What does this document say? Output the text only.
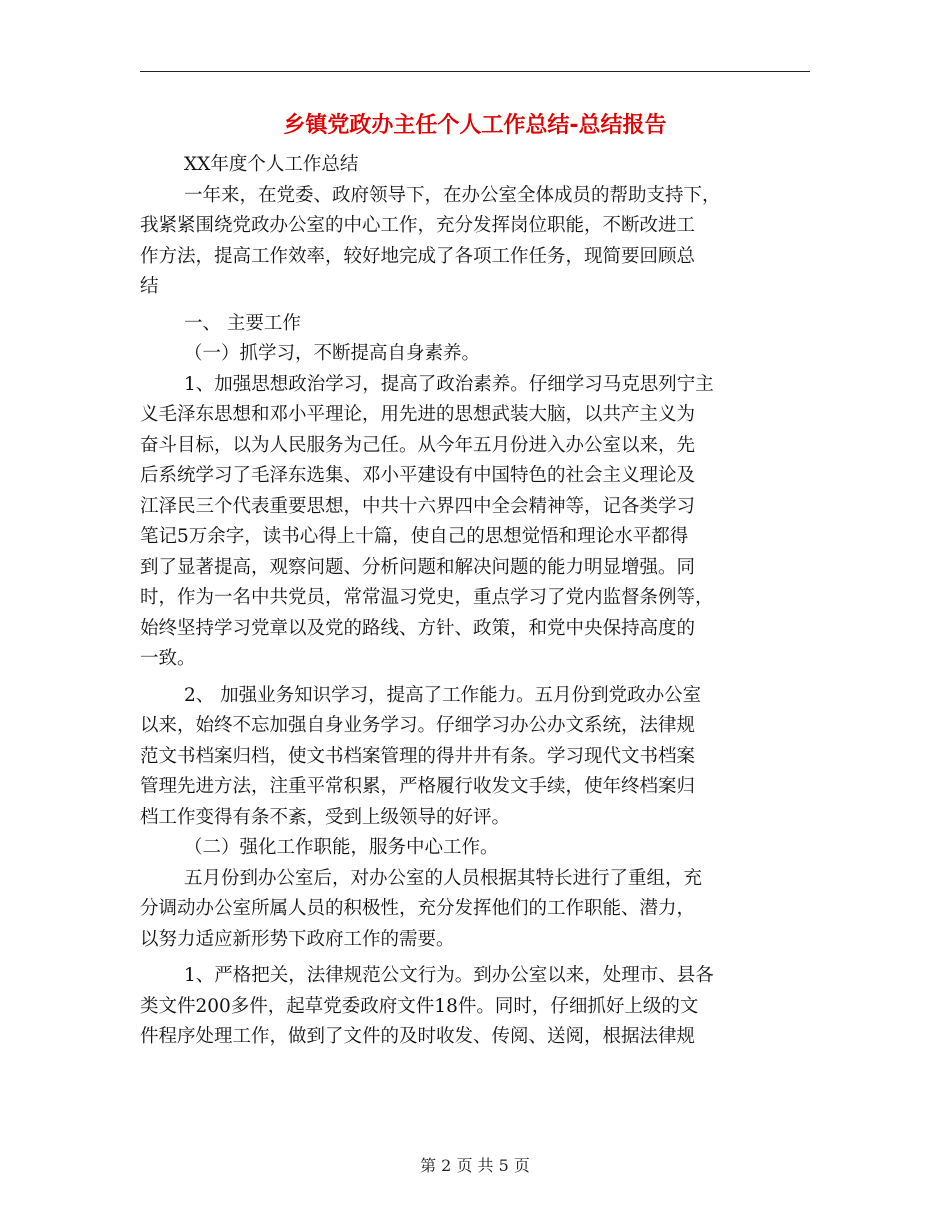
乡镇党政办主任个人工作总结-总结报告
XX年度个人工作总结
一年来，在党委、政府领导下，在办公室全体成员的帮助支持下，
我紧紧围绕党政办公室的中心工作，充分发挥岗位职能，不断改进工
作方法，提高工作效率，较好地完成了各项工作任务，现简要回顾总
结
一、 主要工作
（一）抓学习，不断提高自身素养。
1、加强思想政治学习，提高了政治素养。仔细学习马克思列宁主
义毛泽东思想和邓小平理论，用先进的思想武装大脑，以共产主义为
奋斗目标，以为人民服务为己任。从今年五月份进入办公室以来，先
后系统学习了毛泽东选集、邓小平建设有中国特色的社会主义理论及
江泽民三个代表重要思想，中共十六界四中全会精神等，记各类学习
笔记5万余字，读书心得上十篇，使自己的思想觉悟和理论水平都得
到了显著提高，观察问题、分析问题和解决问题的能力明显增强。同
时，作为一名中共党员，常常温习党史，重点学习了党内监督条例等，
始终坚持学习党章以及党的路线、方针、政策，和党中央保持高度的
一致。
2、 加强业务知识学习，提高了工作能力。五月份到党政办公室
以来，始终不忘加强自身业务学习。仔细学习办公办文系统，法律规
范文书档案归档，使文书档案管理的得井井有条。学习现代文书档案
管理先进方法，注重平常积累，严格履行收发文手续，使年终档案归
档工作变得有条不紊，受到上级领导的好评。
（二）强化工作职能，服务中心工作。
五月份到办公室后，对办公室的人员根据其特长进行了重组，充
分调动办公室所属人员的积极性，充分发挥他们的工作职能、潜力，
以努力适应新形势下政府工作的需要。
1、严格把关，法律规范公文行为。到办公室以来，处理市、县各
类文件200多件，起草党委政府文件18件。同时，仔细抓好上级的文
件程序处理工作，做到了文件的及时收发、传阅、送阅，根据法律规
第 2 页 共 5 页
